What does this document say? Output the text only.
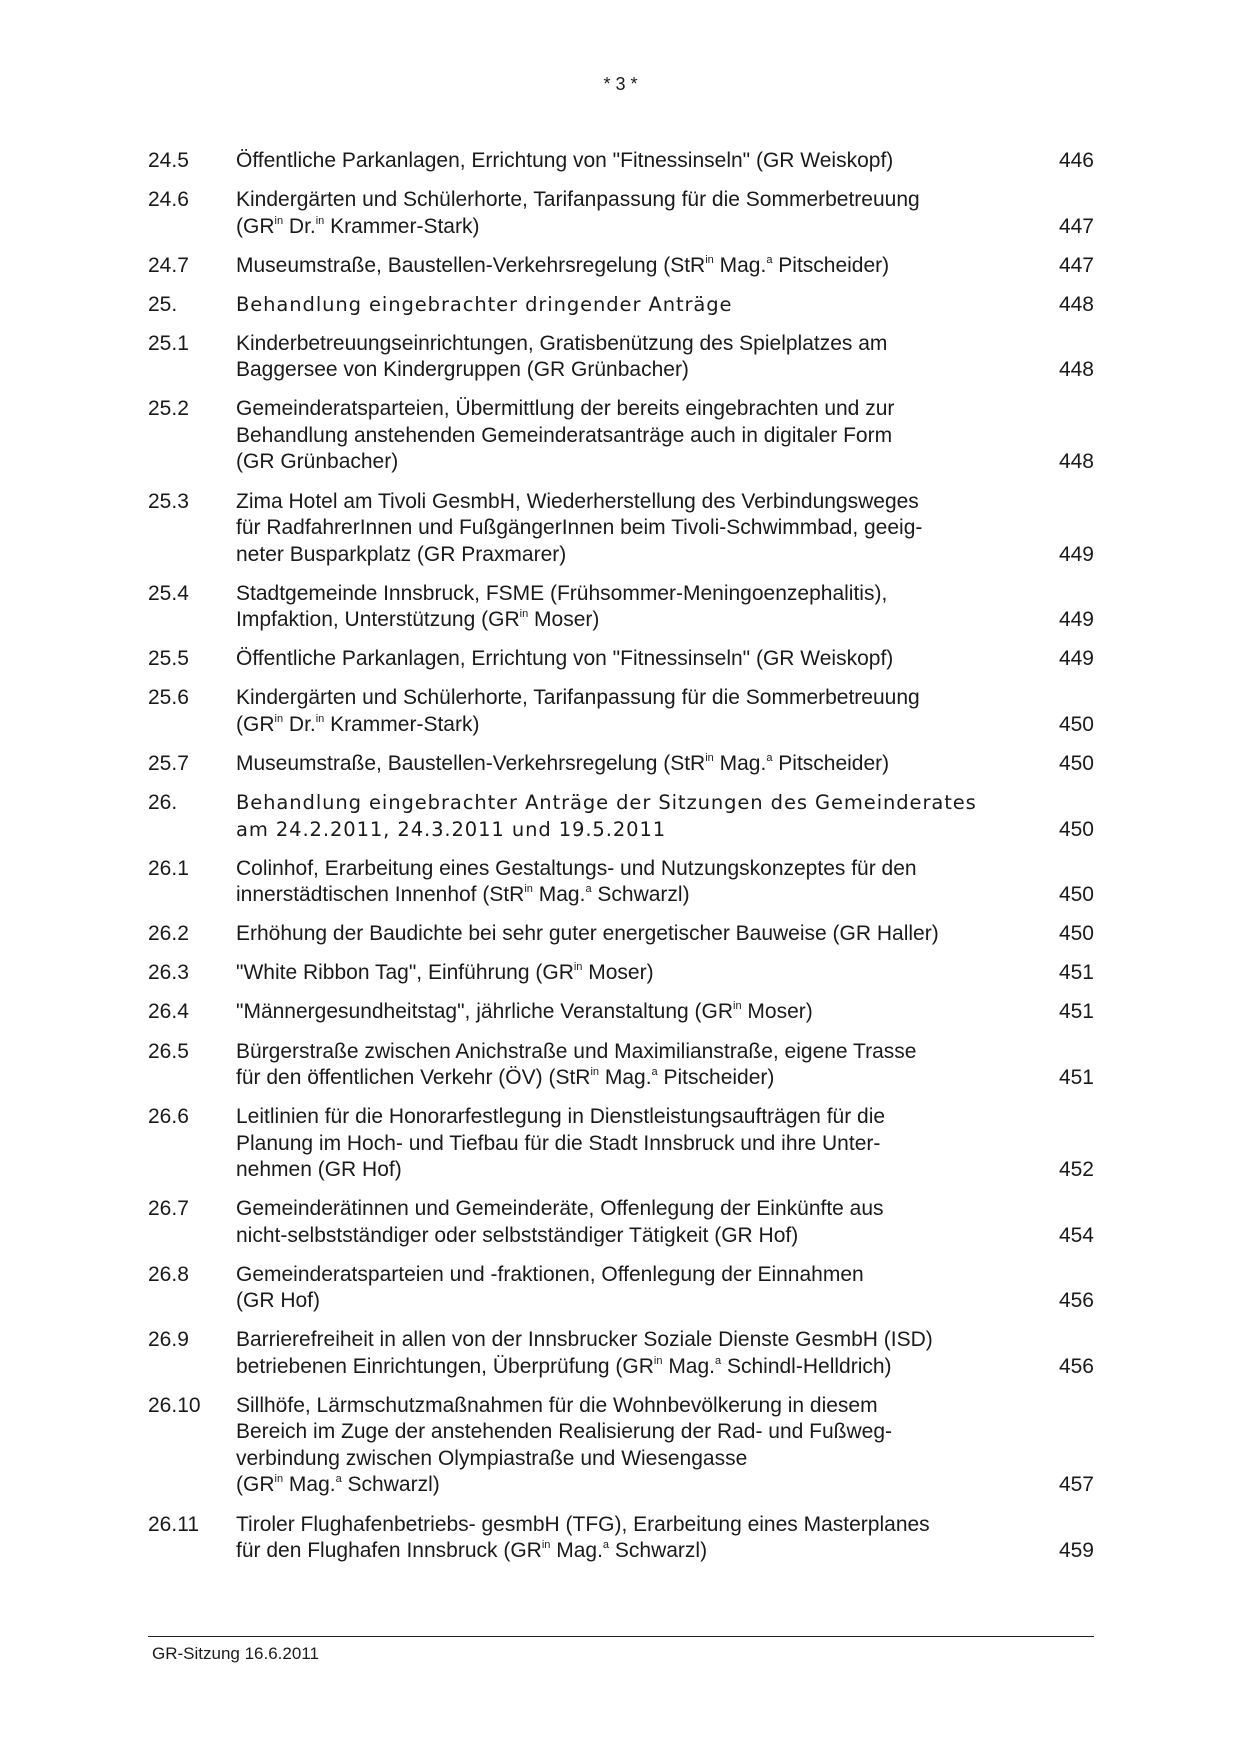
* 3 *
24.5	Öffentliche Parkanlagen, Errichtung von "Fitnessinseln" (GR Weiskopf)	446
24.6	Kindergärten und Schülerhorte, Tarifanpassung für die Sommerbetreuung
($GR^{in}$ Dr.$^{in}$ Krammer-Stark)	447
24.7	Museumstraße, Baustellen-Verkehrsregelung (StR$^{in}$ Mag.$^a$ Pitscheider)	447
25.	Behandlung eingebrachter dringender Anträge	448
25.1	Kinderbetreuungseinrichtungen, Gratisbenützung des Spielplatzes am
Baggersee von Kindergruppen (GR Grünbacher)	448
25.2	Gemeinderatsparteien, Übermittlung der bereits eingebrachten und zur
Behandlung anstehenden Gemeinderatsanträge auch in digitaler Form
(GR Grünbacher)	448
25.3	Zima Hotel am Tivoli GesmbH, Wiederherstellung des Verbindungsweges
für RadfahrerInnen und FußgängerInnen beim Tivoli-Schwimmbad, geeig-
neter Busparkplatz (GR Praxmarer)	449
25.4	Stadtgemeinde Innsbruck, FSME (Frühsommer-Meningoenzephalitis),
Impfaktion, Unterstützung ($GR^{in}$ Moser)	449
25.5	Öffentliche Parkanlagen, Errichtung von "Fitnessinseln" (GR Weiskopf)	449
25.6	Kindergärten und Schülerhorte, Tarifanpassung für die Sommerbetreuung
($GR^{in}$ Dr.$^{in}$ Krammer-Stark)	450
25.7	Museumstraße, Baustellen-Verkehrsregelung (StR$^{in}$ Mag.$^a$ Pitscheider)	450
26.	Behandlung eingebrachter Anträge der Sitzungen des Gemeinderates
am 24.2.2011, 24.3.2011 und 19.5.2011	450
26.1	Colinhof, Erarbeitung eines Gestaltungs- und Nutzungskonzeptes für den
innerstädtischen Innenhof (StR$^{in}$ Mag.$^a$ Schwarzl)	450
26.2	Erhöhung der Baudichte bei sehr guter energetischer Bauweise (GR Haller)	450
26.3	"White Ribbon Tag", Einführung ($GR^{in}$ Moser)	451
26.4	"Männergesundheitstag", jährliche Veranstaltung ($GR^{in}$ Moser)	451
26.5	Bürgerstraße zwischen Anichstraße und Maximilianstraße, eigene Trasse
für den öffentlichen Verkehr (ÖV) (StR$^{in}$ Mag.$^a$ Pitscheider)	451
26.6	Leitlinien für die Honorarfestlegung in Dienstleistungsaufträgen für die
Planung im Hoch- und Tiefbau für die Stadt Innsbruck und ihre Unter-
nehmen (GR Hof)	452
26.7	Gemeinderätinnen und Gemeinderäte, Offenlegung der Einkünfte aus
nicht-selbstständiger oder selbstständiger Tätigkeit (GR Hof)	454
26.8	Gemeinderatsparteien und -fraktionen, Offenlegung der Einnahmen
(GR Hof)	456
26.9	Barrierefreiheit in allen von der Innsbrucker Soziale Dienste GesmbH (ISD)
betriebenen Einrichtungen, Überprüfung ($GR^{in}$ Mag.$^a$ Schindl-Helldrich)	456
26.10	Sillhöfe, Lärmschutzmaßnahmen für die Wohnbevölkerung in diesem
Bereich im Zuge der anstehenden Realisierung der Rad- und Fußweg-
verbindung zwischen Olympiastraße und Wiesengasse
($GR^{in}$ Mag.$^a$ Schwarzl)	457
26.11	Tiroler Flughafenbetriebs- gesmbH (TFG), Erarbeitung eines Masterplanes
für den Flughafen Innsbruck ($GR^{in}$ Mag.$^a$ Schwarzl)	459
GR-Sitzung 16.6.2011
